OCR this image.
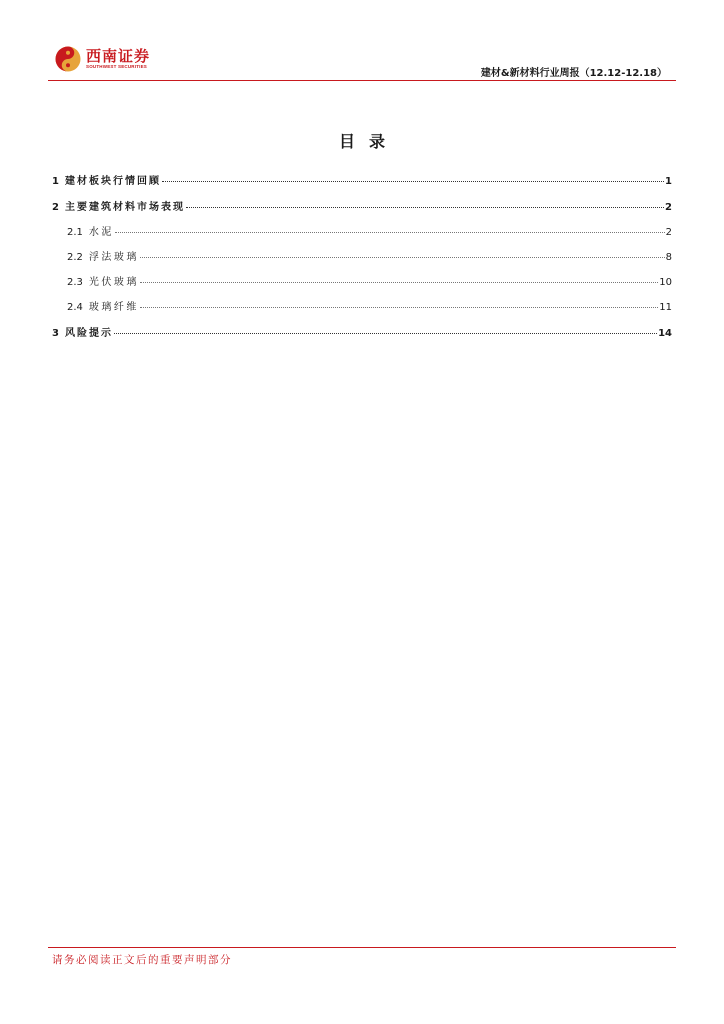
西南证券
SOUTHWEST SECURITIES
建材&新材料行业周报（12.12-12.18）
目录
1 建材板块行情回顾	1
2 主要建筑材料市场表现	2
2.1 水泥	2
2.2 浮法玻璃	8
2.3 光伏玻璃	10
2.4 玻璃纤维	11
3 风险提示	14
请务必阅读正文后的重要声明部分
